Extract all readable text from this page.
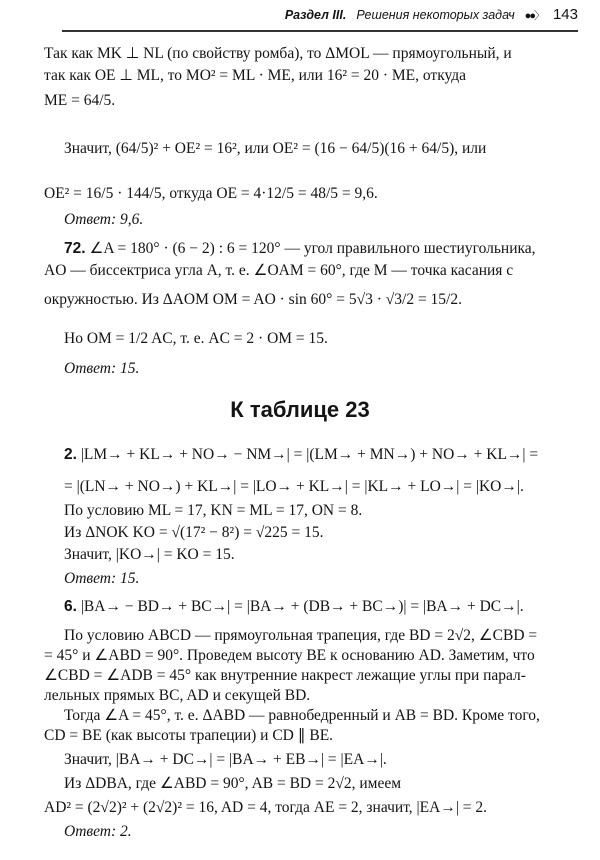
Раздел III. Решения некоторых задач ●●〉 143
Так как MK ⊥ NL (по свойству ромба), то ΔMOL — прямоугольный, и
так как OE ⊥ ML, то MO² = ML · ME, или 16² = 20 · ME, откуда
ME = 64/5.
Значит, (64/5)² + OE² = 16², или OE² = (16 − 64/5)(16 + 64/5), или
OE² = 16/5 · 144/5, откуда OE = 4·12/5 = 48/5 = 9,6.
Ответ: 9,6.
72. ∠A = 180° · (6 − 2) : 6 = 120° — угол правильного шестиугольника,
AO — биссектриса угла A, т. е. ∠OAM = 60°, где M — точка касания с
окружностью. Из ΔAOM OM = AO · sin 60° = 5√3 · √3/2 = 15/2.
Но OM = 1/2 AC, т. е. AC = 2 · OM = 15.
Ответ: 15.
К таблице 23
2. |LM→ + KL→ + NO→ − NM→| = |(LM→ + MN→) + NO→ + KL→| =
= |(LN→ + NO→) + KL→| = |LO→ + KL→| = |KL→ + LO→| = |KO→|.
По условию ML = 17, KN = ML = 17, ON = 8.
Из ΔNOK KO = √(17² − 8²) = √225 = 15.
Значит, |KO→| = KO = 15.
Ответ: 15.
6. |BA→ − BD→ + BC→| = |BA→ + (DB→ + BC→)| = |BA→ + DC→|.
По условию ABCD — прямоугольная трапеция, где BD = 2√2, ∠CBD =
= 45° и ∠ABD = 90°. Проведем высоту BE к основанию AD. Заметим, что
∠CBD = ∠ADB = 45° как внутренние накрест лежащие углы при парал-
лельных прямых BC, AD и секущей BD.
Тогда ∠A = 45°, т. е. ΔABD — равнобедренный и AB = BD. Кроме того,
CD = BE (как высоты трапеции) и CD ∥ BE.
Значит, |BA→ + DC→| = |BA→ + EB→| = |EA→|.
Из ΔDBA, где ∠ABD = 90°, AB = BD = 2√2, имеем
AD² = (2√2)² + (2√2)² = 16, AD = 4, тогда AE = 2, значит, |EA→| = 2.
Ответ: 2.
